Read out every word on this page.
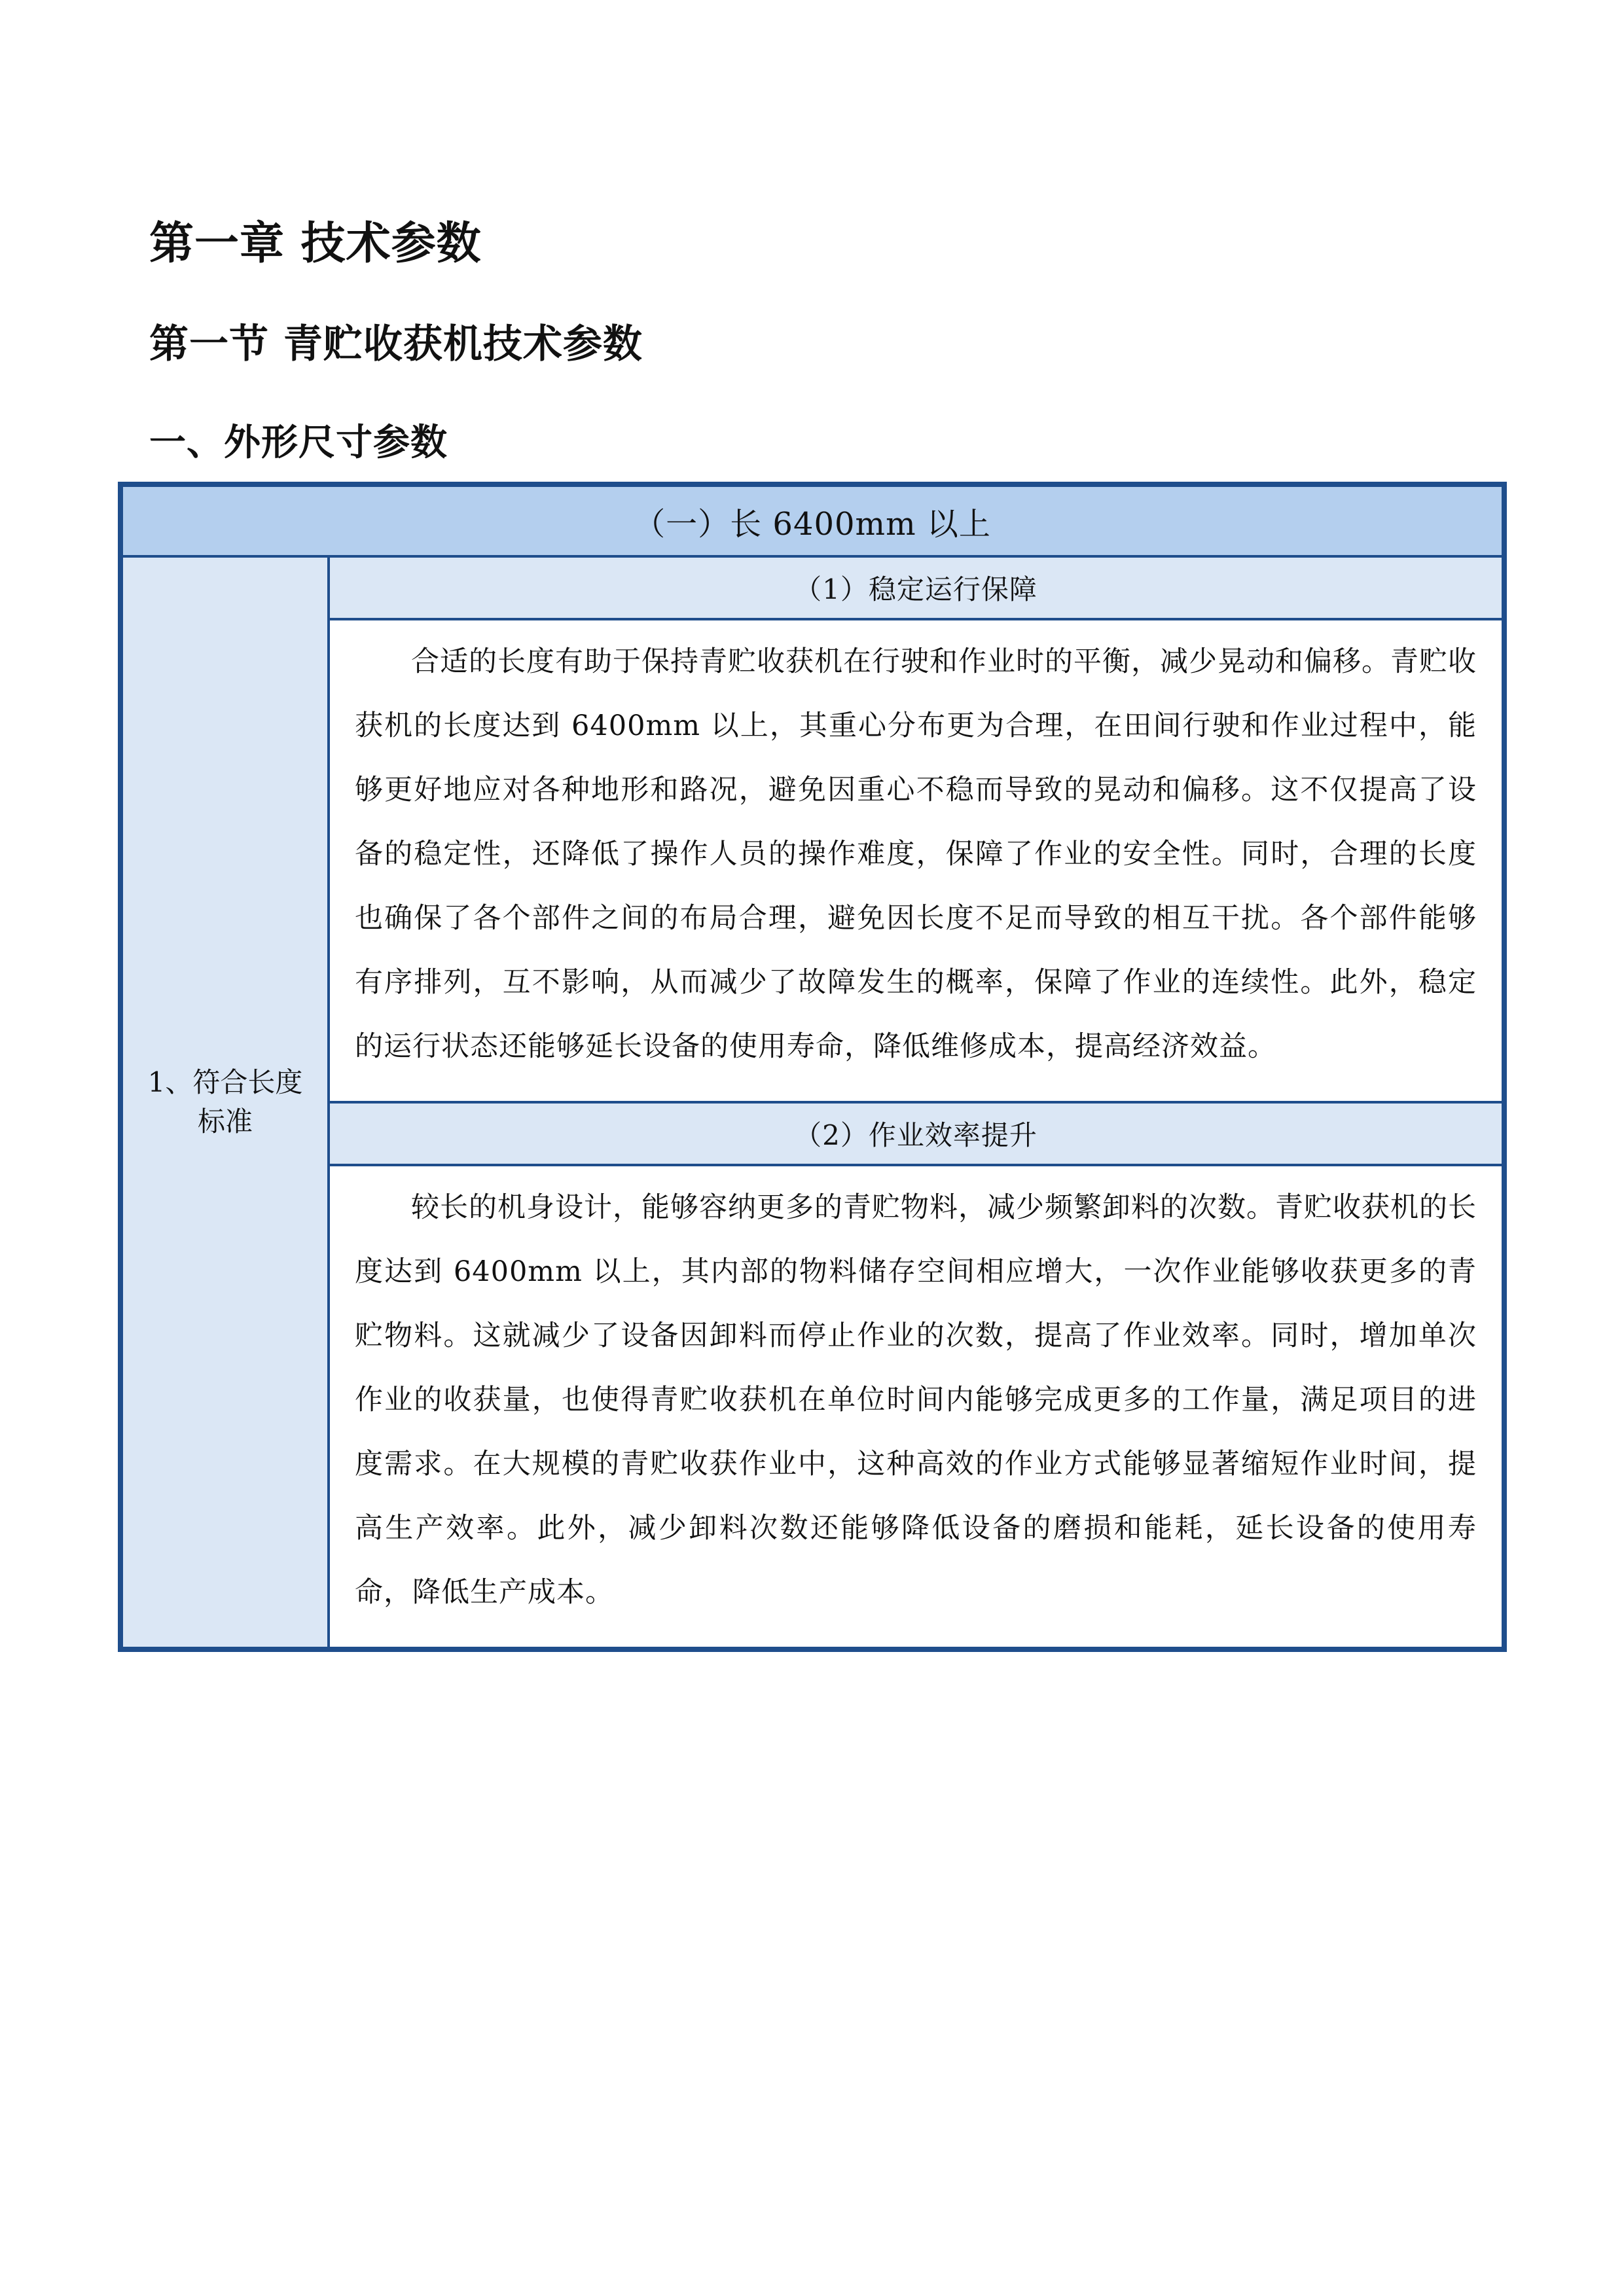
第一章 技术参数
第一节 青贮收获机技术参数
一、外形尺寸参数
（一）长 6400mm 以上
1、符合长度标准	（1）稳定运行保障

合适的长度有助于保持青贮收获机在行驶和作业时的平衡，减少晃动和偏移。青贮收获机的长度达到 6400mm 以上，其重心分布更为合理，在田间行驶和作业过程中，能够更好地应对各种地形和路况，避免因重心不稳而导致的晃动和偏移。这不仅提高了设备的稳定性，还降低了操作人员的操作难度，保障了作业的安全性。同时，合理的长度也确保了各个部件之间的布局合理，避免因长度不足而导致的相互干扰。各个部件能够有序排列，互不影响，从而减少了故障发生的概率，保障了作业的连续性。此外，稳定的运行状态还能够延长设备的使用寿命，降低维修成本，提高经济效益。

（2）作业效率提升

较长的机身设计，能够容纳更多的青贮物料，减少频繁卸料的次数。青贮收获机的长度达到 6400mm 以上，其内部的物料储存空间相应增大，一次作业能够收获更多的青贮物料。这就减少了设备因卸料而停止作业的次数，提高了作业效率。同时，增加单次作业的收获量，也使得青贮收获机在单位时间内能够完成更多的工作量，满足项目的进度需求。在大规模的青贮收获作业中，这种高效的作业方式能够显著缩短作业时间，提高生产效率。此外，减少卸料次数还能够降低设备的磨损和能耗，延长设备的使用寿命，降低生产成本。
